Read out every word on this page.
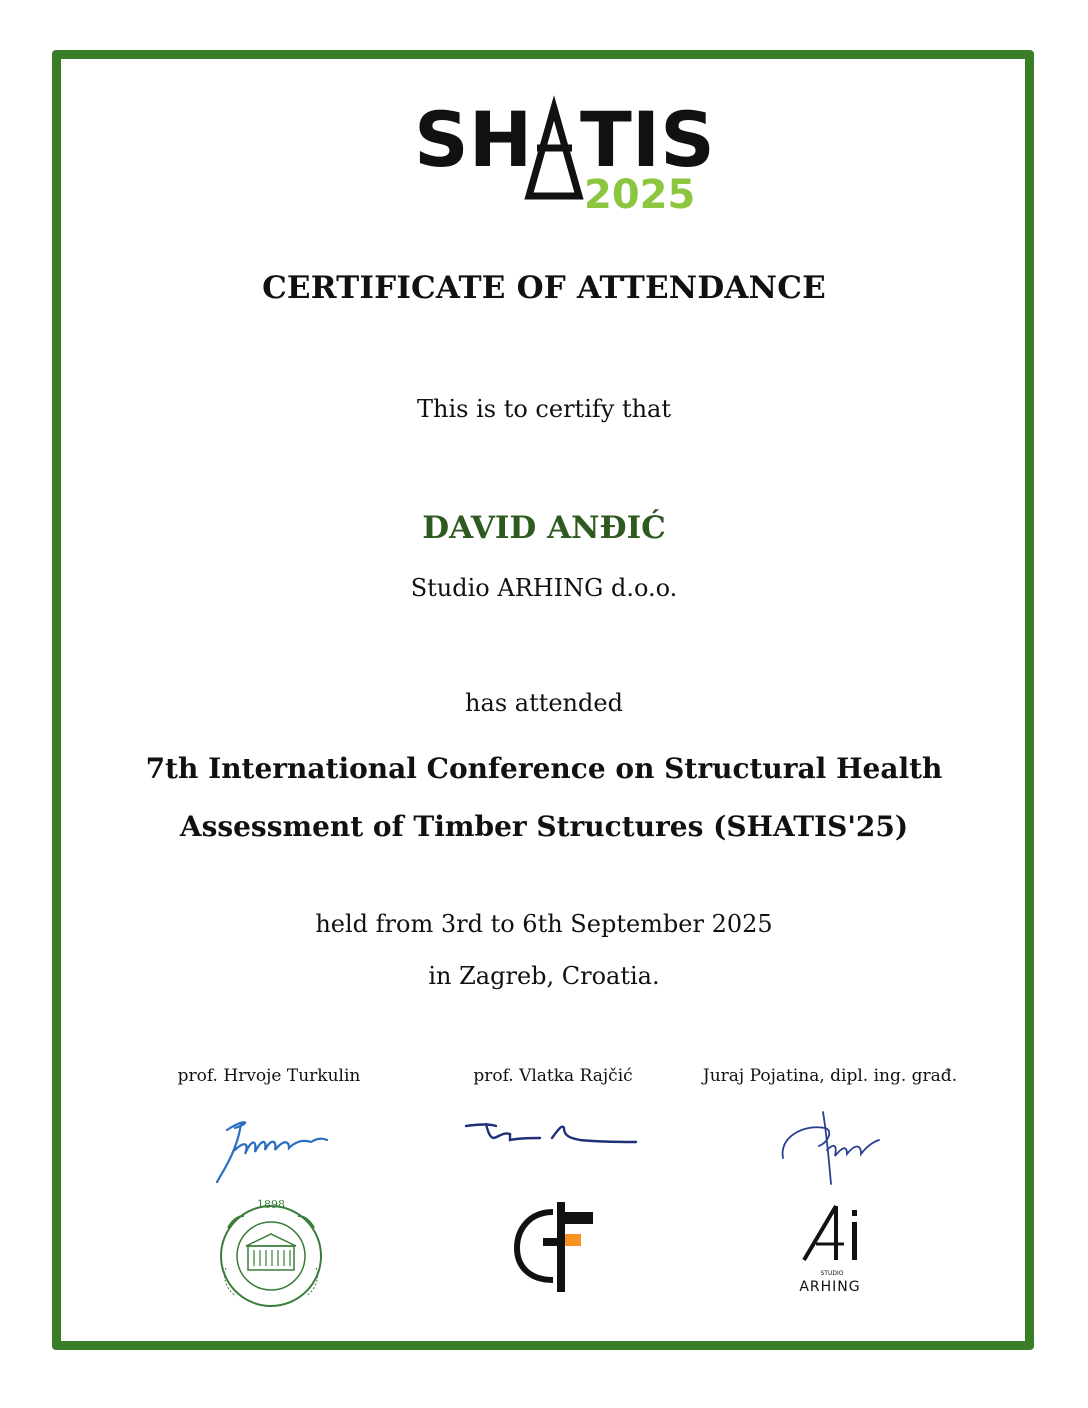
SH TIS
2025
CERTIFICATE OF ATTENDANCE
This is to certify that
DAVID ANĐIĆ
Studio ARHING d.o.o.
has attended
7th International Conference on Structural Health
Assessment of Timber Structures (SHATIS'25)
held from 3rd to 6th September 2025
in Zagreb, Croatia.
prof. Hrvoje Turkulin	prof. Vlatka Rajčić	Juraj Pojatina, dipl. ing. građ.
1898
STUDIO
ARHING
